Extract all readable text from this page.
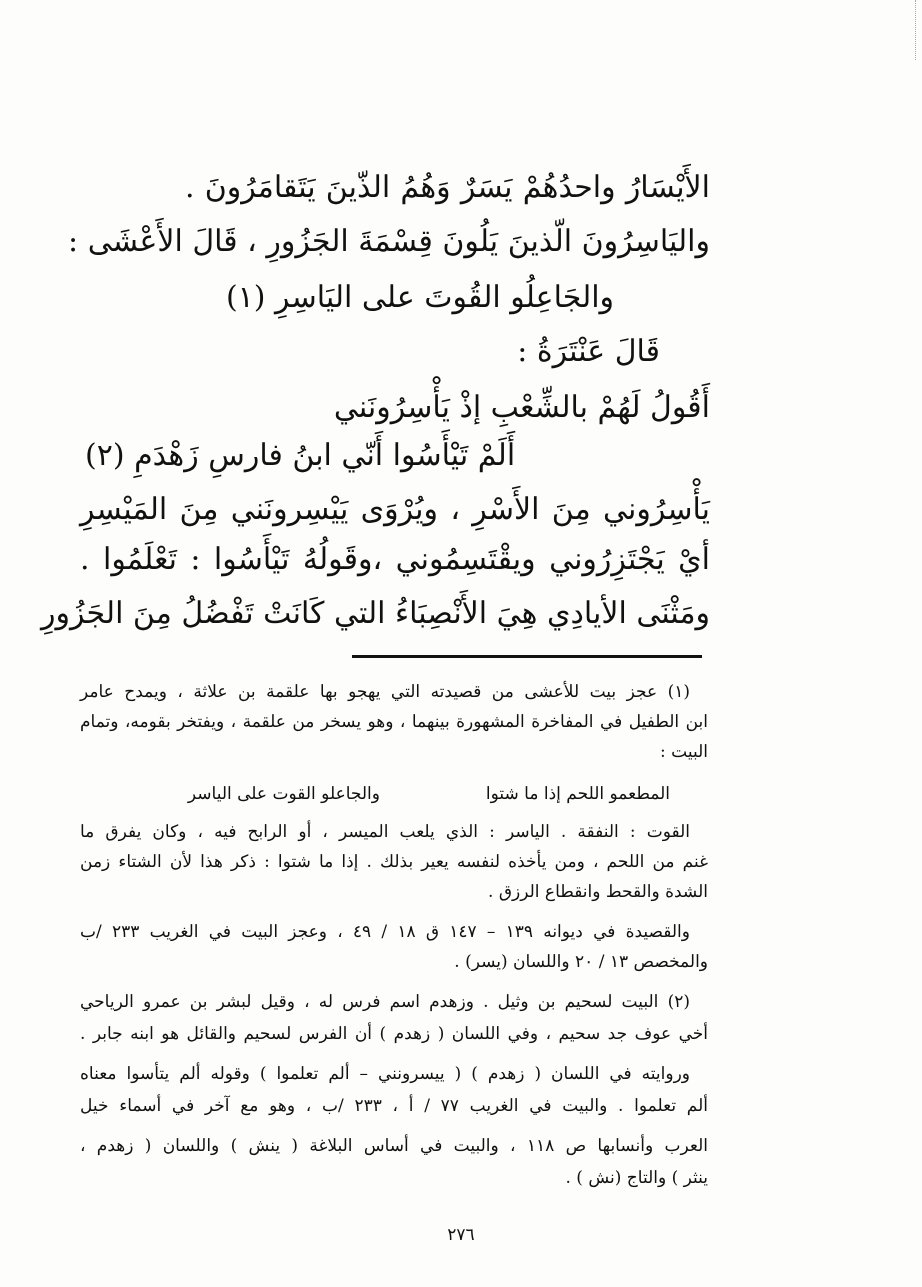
الأَيْسَارُ واحدُهُمْ يَسَرٌ وَهُمُ الذّينَ يَتَقامَرُونَ .
واليَاسِرُونَ الّذينَ يَلُونَ قِسْمَةَ الجَزُورِ ، قَالَ الأَعْشَى :
والجَاعِلُو القُوتَ على اليَاسِرِ (١)
قَالَ عَنْتَرَةُ :
أَقُولُ لَهُمْ بالشِّعْبِ إذْ يَأْسِرُونَني
أَلَمْ تَيْأَسُوا أَنّي ابنُ فارسِ زَهْدَمِ (٢)
يَأْسِرُوني مِنَ الأَسْرِ ، ويُرْوَى يَيْسِرونَني مِنَ المَيْسِرِ
أيْ يَجْتَزِرُوني ويقْتَسِمُوني ،وقَولُهُ تَيْأَسُوا : تَعْلَمُوا .
ومَثْنَى الأيادِي هِيَ الأَنْصِبَاءُ التي كَانَتْ تَفْضُلُ مِنَ الجَزُورِ
(١) عجز بيت للأعشى من قصيدته التي يهجو بها علقمة بن علاثة ، ويمدح عامر
ابن الطفيل في المفاخرة المشهورة بينهما ، وهو يسخر من علقمة ، ويفتخر بقومه، وتمام
البيت :
المطعمو اللحم إذا ما شتوا
والجاعلو القوت على الياسر
القوت : النفقة . الياسر : الذي يلعب الميسر ، أو الرابح فيه ، وكان يفرق ما
غنم من اللحم ، ومن يأخذه لنفسه يعير بذلك . إذا ما شتوا : ذكر هذا لأن الشتاء زمن
الشدة والقحط وانقطاع الرزق .
والقصيدة في ديوانه ١٣٩ – ١٤٧ ق ١٨ / ٤٩ ، وعجز البيت في الغريب ٢٣٣ /ب
والمخصص ١٣ / ٢٠ واللسان (يسر) .
(٢) البيت لسحيم بن وثيل . وزهدم اسم فرس له ، وقيل لبشر بن عمرو الرياحي
أخي عوف جد سحيم ، وفي اللسان ( زهدم ) أن الفرس لسحيم والقائل هو ابنه جابر .
وروايته في اللسان ( زهدم ) ( ييسرونني – ألم تعلموا ) وقوله ألم يتأسوا معناه
ألم تعلموا . والبيت في الغريب ٧٧ / أ ، ٢٣٣ /ب ، وهو مع آخر في أسماء خيل
العرب وأنسابها ص ١١٨ ، والبيت في أساس البلاغة ( ينش ) واللسان ( زهدم ،
ينثر ) والتاج (نش ) .
٢٧٦
